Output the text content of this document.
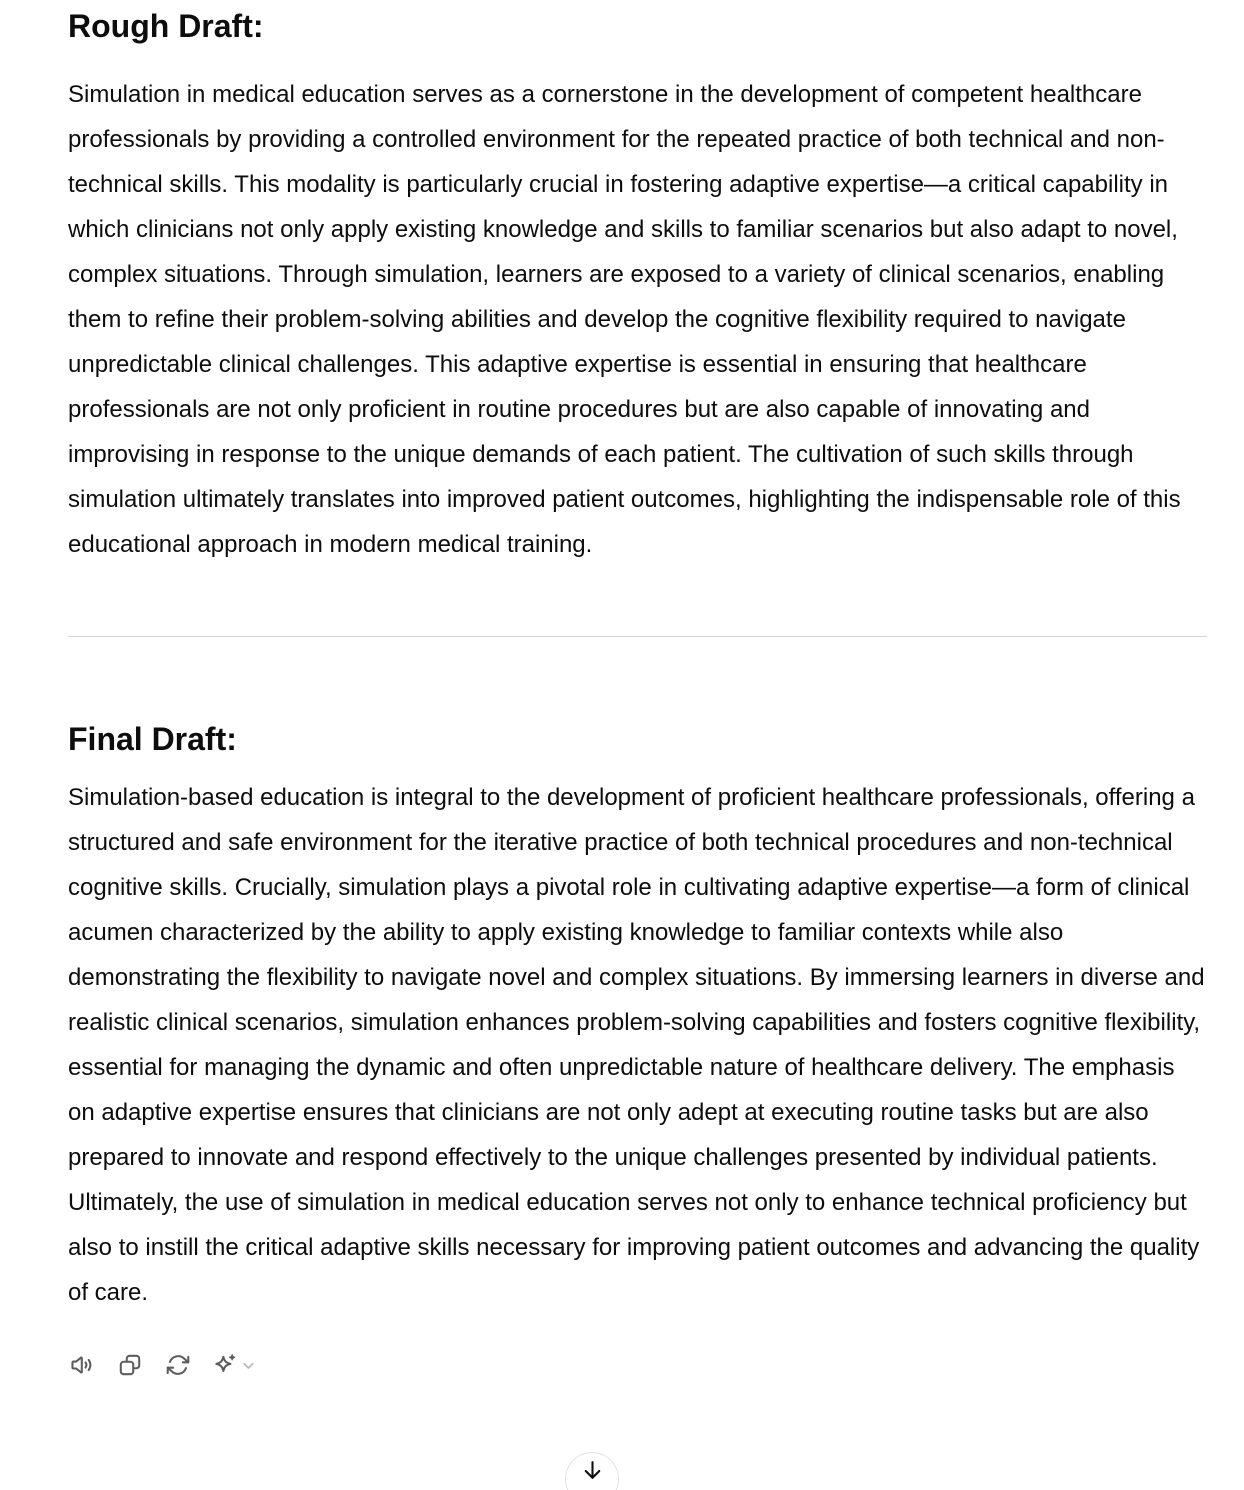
Rough Draft:

Simulation in medical education serves as a cornerstone in the development of competent healthcare professionals by providing a controlled environment for the repeated practice of both technical and non-technical skills. This modality is particularly crucial in fostering adaptive expertise—a critical capability in which clinicians not only apply existing knowledge and skills to familiar scenarios but also adapt to novel, complex situations. Through simulation, learners are exposed to a variety of clinical scenarios, enabling them to refine their problem-solving abilities and develop the cognitive flexibility required to navigate unpredictable clinical challenges. This adaptive expertise is essential in ensuring that healthcare professionals are not only proficient in routine procedures but are also capable of innovating and improvising in response to the unique demands of each patient. The cultivation of such skills through simulation ultimately translates into improved patient outcomes, highlighting the indispensable role of this educational approach in modern medical training.

Final Draft:

Simulation-based education is integral to the development of proficient healthcare professionals, offering a structured and safe environment for the iterative practice of both technical procedures and non-technical cognitive skills. Crucially, simulation plays a pivotal role in cultivating adaptive expertise—a form of clinical acumen characterized by the ability to apply existing knowledge to familiar contexts while also demonstrating the flexibility to navigate novel and complex situations. By immersing learners in diverse and realistic clinical scenarios, simulation enhances problem-solving capabilities and fosters cognitive flexibility, essential for managing the dynamic and often unpredictable nature of healthcare delivery. The emphasis on adaptive expertise ensures that clinicians are not only adept at executing routine tasks but are also prepared to innovate and respond effectively to the unique challenges presented by individual patients. Ultimately, the use of simulation in medical education serves not only to enhance technical proficiency but also to instill the critical adaptive skills necessary for improving patient outcomes and advancing the quality of care.
